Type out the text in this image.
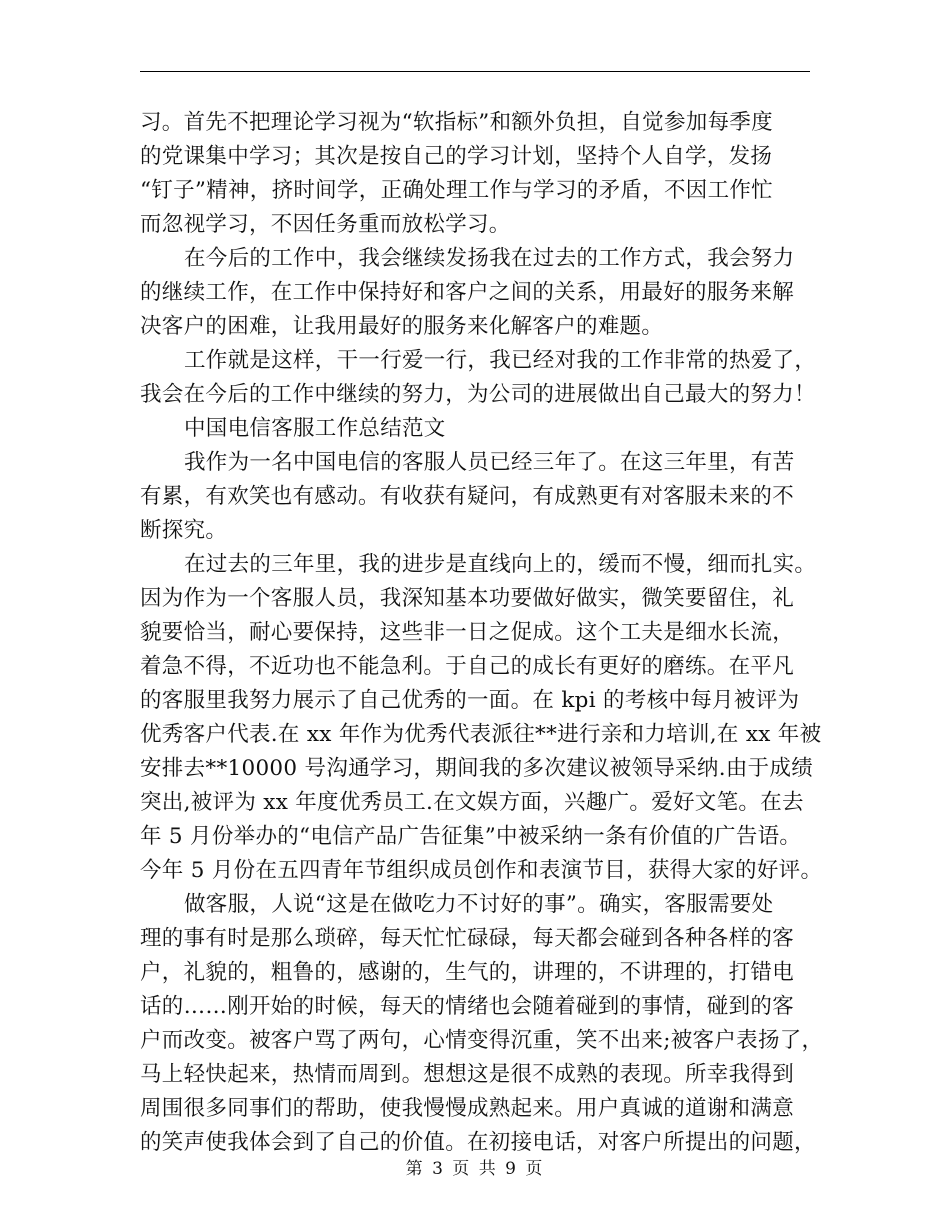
习。首先不把理论学习视为“软指标”和额外负担，自觉参加每季度
的党课集中学习；其次是按自己的学习计划，坚持个人自学，发扬
“钉子”精神，挤时间学，正确处理工作与学习的矛盾，不因工作忙
而忽视学习，不因任务重而放松学习。
在今后的工作中，我会继续发扬我在过去的工作方式，我会努力
的继续工作，在工作中保持好和客户之间的关系，用最好的服务来解
决客户的困难，让我用最好的服务来化解客户的难题。
工作就是这样，干一行爱一行，我已经对我的工作非常的热爱了，
我会在今后的工作中继续的努力，为公司的进展做出自己最大的努力！
中国电信客服工作总结范文
我作为一名中国电信的客服人员已经三年了。在这三年里，有苦
有累，有欢笑也有感动。有收获有疑问，有成熟更有对客服未来的不
断探究。
在过去的三年里，我的进步是直线向上的，缓而不慢，细而扎实。
因为作为一个客服人员，我深知基本功要做好做实，微笑要留住，礼
貌要恰当，耐心要保持，这些非一日之促成。这个工夫是细水长流，
着急不得，不近功也不能急利。于自己的成长有更好的磨练。在平凡
的客服里我努力展示了自己优秀的一面。在 kpi 的考核中每月被评为
优秀客户代表.在 xx 年作为优秀代表派往**进行亲和力培训,在 xx 年被
安排去**10000 号沟通学习，期间我的多次建议被领导采纳.由于成绩
突出,被评为 xx 年度优秀员工.在文娱方面，兴趣广。爱好文笔。在去
年 5 月份举办的“电信产品广告征集”中被采纳一条有价值的广告语。
今年 5 月份在五四青年节组织成员创作和表演节目，获得大家的好评。
做客服，人说“这是在做吃力不讨好的事”。确实，客服需要处
理的事有时是那么琐碎，每天忙忙碌碌，每天都会碰到各种各样的客
户，礼貌的，粗鲁的，感谢的，生气的，讲理的，不讲理的，打错电
话的……刚开始的时候，每天的情绪也会随着碰到的事情，碰到的客
户而改变。被客户骂了两句，心情变得沉重，笑不出来;被客户表扬了，
马上轻快起来，热情而周到。想想这是很不成熟的表现。所幸我得到
周围很多同事们的帮助，使我慢慢成熟起来。用户真诚的道谢和满意
的笑声使我体会到了自己的价值。在初接电话，对客户所提出的问题，
第 3 页 共 9 页
